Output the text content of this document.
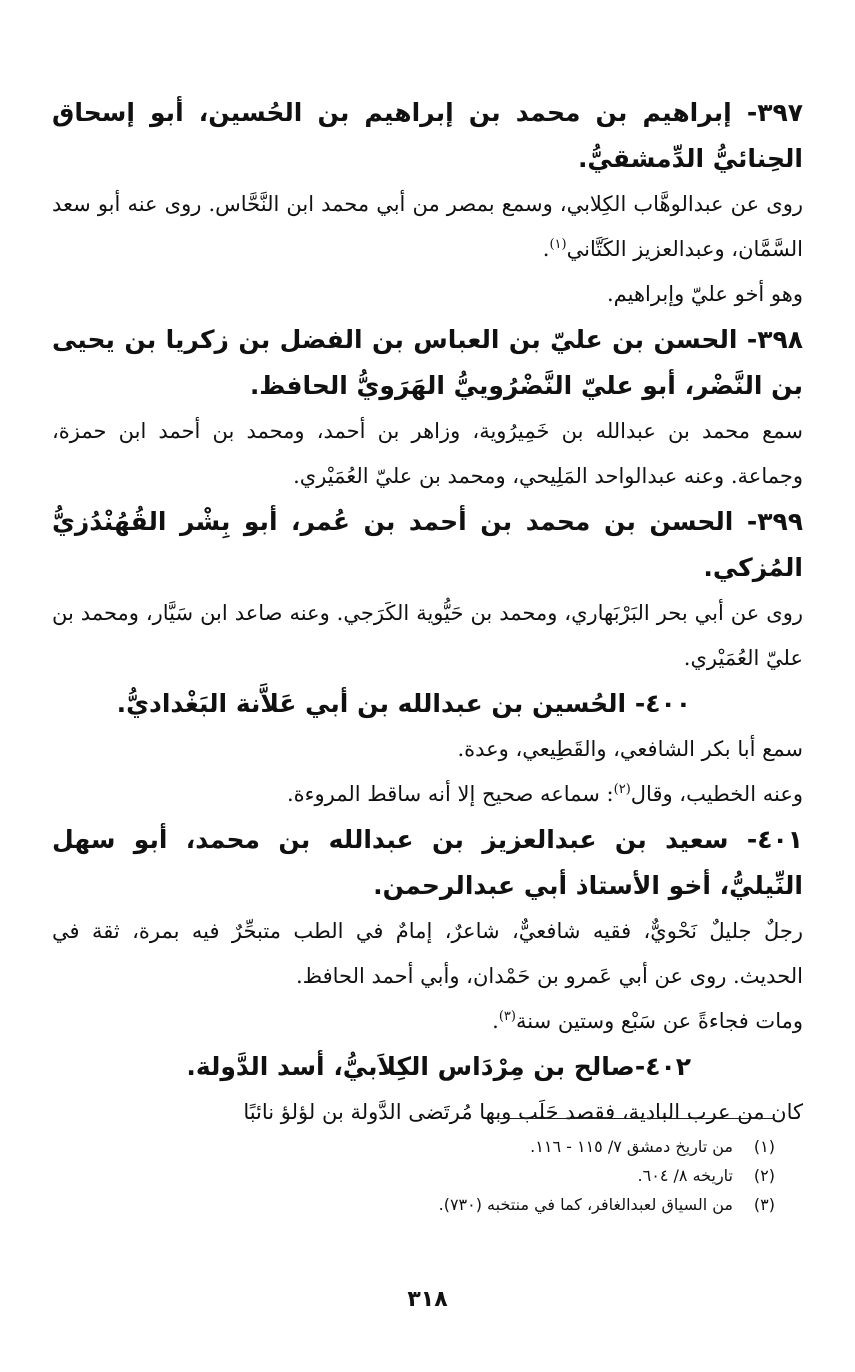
٣٩٧- إبراهيم بن محمد بن إبراهيم بن الحُسين، أبو إسحاق الحِنائيُّ الدِّمشقيُّ.

روى عن عبدالوهَّاب الكِلابي، وسمع بمصر من أبي محمد ابن النَّحَّاس. روى عنه أبو سعد السَّمَّان، وعبدالعزيز الكَتَّاني$^{(١)}$.
وهو أخو عليّ وإبراهيم.

٣٩٨- الحسن بن عليّ بن العباس بن الفضل بن زكريا بن يحيى بن النَّضْر، أبو عليّ النَّضْرُوييُّ الهَرَويُّ الحافظ.

سمع محمد بن عبدالله بن خَمِيرُوية، وزاهر بن أحمد، ومحمد بن أحمد ابن حمزة، وجماعة. وعنه عبدالواحد المَلِيحي، ومحمد بن عليّ العُمَيْري.

٣٩٩- الحسن بن محمد بن أحمد بن عُمر، أبو بِشْر القُهُنْدُزيُّ المُزكي.

روى عن أبي بحر البَرْبَهاري، ومحمد بن حَيُّوية الكَرَجي. وعنه صاعد ابن سَيَّار، ومحمد بن عليّ العُمَيْري.

٤٠٠- الحُسين بن عبدالله بن أبي عَلاَّنة البَغْداديُّ.

سمع أبا بكر الشافعي، والقَطِيعي، وعدة.
وعنه الخطيب، وقال$^{(٢)}$: سماعه صحيح إلا أنه ساقط المروءة.

٤٠١- سعيد بن عبدالعزيز بن عبدالله بن محمد، أبو سهل النِّيليُّ، أخو الأستاذ أبي عبدالرحمن.

رجلٌ جليلٌ نَحْويٌّ، فقيه شافعيٌّ، شاعرٌ، إمامٌ في الطب متبحِّرٌ فيه بمرة، ثقة في الحديث. روى عن أبي عَمرو بن حَمْدان، وأبي أحمد الحافظ.
ومات فجاءةً عن سَبْع وستين سنة$^{(٣)}$.

٤٠٢-صالح بن مِرْدَاس الكِلاَبيُّ، أسد الدَّولة.

كان من عرب البادية، فقصد حَلَب وبها مُرتَضى الدَّولة بن لؤلؤ نائبًا

(١)
من تاريخ دمشق ٧/ ١١٥ - ١١٦.
(٢)
تاريخه ٨/ ٦٠٤.
(٣)
من السياق لعبدالغافر، كما في منتخبه (٧٣٠).
٣١٨
